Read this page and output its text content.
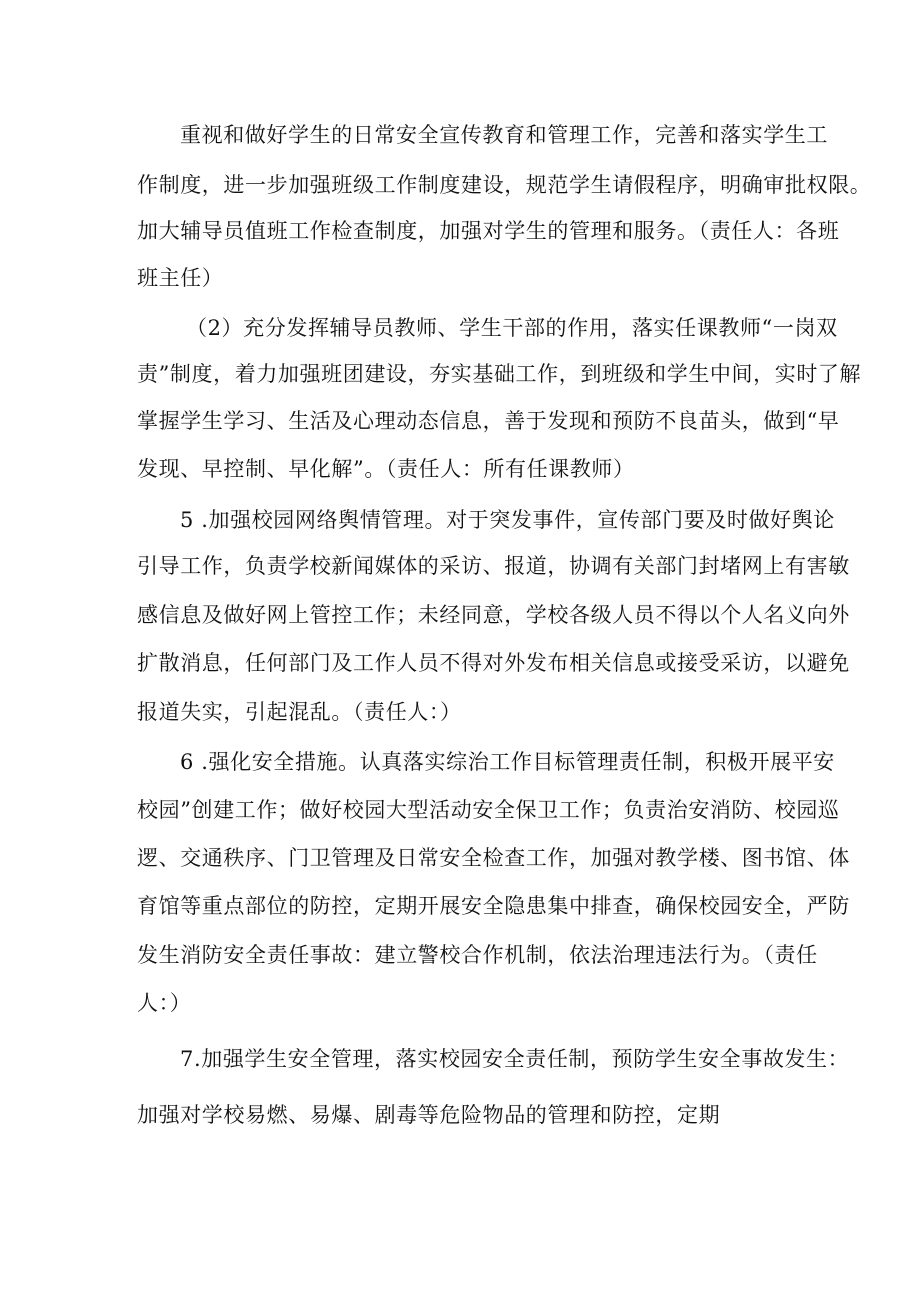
重视和做好学生的日常安全宣传教育和管理工作，完善和落实学生工
作制度，进一步加强班级工作制度建设，规范学生请假程序，明确审批权限。
加大辅导员值班工作检查制度，加强对学生的管理和服务。（责任人：各班
班主任）
（2）充分发挥辅导员教师、学生干部的作用，落实任课教师“一岗双
责”制度，着力加强班团建设，夯实基础工作，到班级和学生中间，实时了解
掌握学生学习、生活及心理动态信息，善于发现和预防不良苗头，做到“早
发现、早控制、早化解”。（责任人：所有任课教师）
5 .加强校园网络舆情管理。对于突发事件，宣传部门要及时做好舆论
引导工作，负责学校新闻媒体的采访、报道，协调有关部门封堵网上有害敏
感信息及做好网上管控工作；未经同意，学校各级人员不得以个人名义向外
扩散消息，任何部门及工作人员不得对外发布相关信息或接受采访，以避免
报道失实，引起混乱。（责任人：）
6 .强化安全措施。认真落实综治工作目标管理责任制，积极开展平安
校园”创建工作；做好校园大型活动安全保卫工作；负责治安消防、校园巡
逻、交通秩序、门卫管理及日常安全检查工作，加强对教学楼、图书馆、体
育馆等重点部位的防控，定期开展安全隐患集中排查，确保校园安全，严防
发生消防安全责任事故：建立警校合作机制，依法治理违法行为。（责任
人：）
7.加强学生安全管理，落实校园安全责任制，预防学生安全事故发生：
加强对学校易燃、易爆、剧毒等危险物品的管理和防控，定期
